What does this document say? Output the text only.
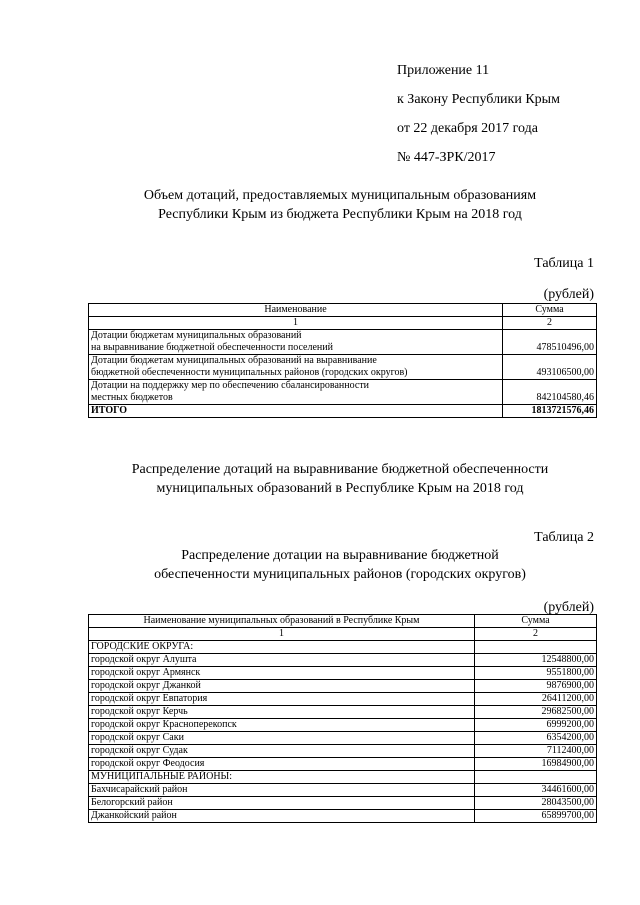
Приложение 11
к Закону Республики Крым
от 22 декабря 2017 года
№ 447-ЗРК/2017
Объем дотаций, предоставляемых муниципальным образованиям
Республики Крым из бюджета Республики Крым на 2018 год
Таблица 1
(рублей)
Наименование	Сумма
1	2

Дотации бюджетам муниципальных образований
на выравнивание бюджетной обеспеченности поселений	478510496,00

Дотации бюджетам муниципальных образований на выравнивание
бюджетной обеспеченности муниципальных районов (городских округов)	493106500,00

Дотации на поддержку мер по обеспечению сбалансированности
местных бюджетов	842104580,46
ИТОГО	1813721576,46
Распределение дотаций на выравнивание бюджетной обеспеченности
муниципальных образований в Республике Крым на 2018 год
Таблица 2
Распределение дотации на выравнивание бюджетной
обеспеченности муниципальных районов (городских округов)
(рублей)
Наименование муниципальных образований в Республике Крым	Сумма
1	2
ГОРОДСКИЕ ОКРУГА:	
городской округ Алушта	12548800,00
городской округ Армянск	9551800,00
городской округ Джанкой	9876900,00
городской округ Евпатория	26411200,00
городской округ Керчь	29682500,00
городской округ Красноперекопск	6999200,00
городской округ Саки	6354200,00
городской округ Судак	7112400,00
городской округ Феодосия	16984900,00
МУНИЦИПАЛЬНЫЕ РАЙОНЫ:	
Бахчисарайский район	34461600,00
Белогорский район	28043500,00
Джанкойский район	65899700,00
